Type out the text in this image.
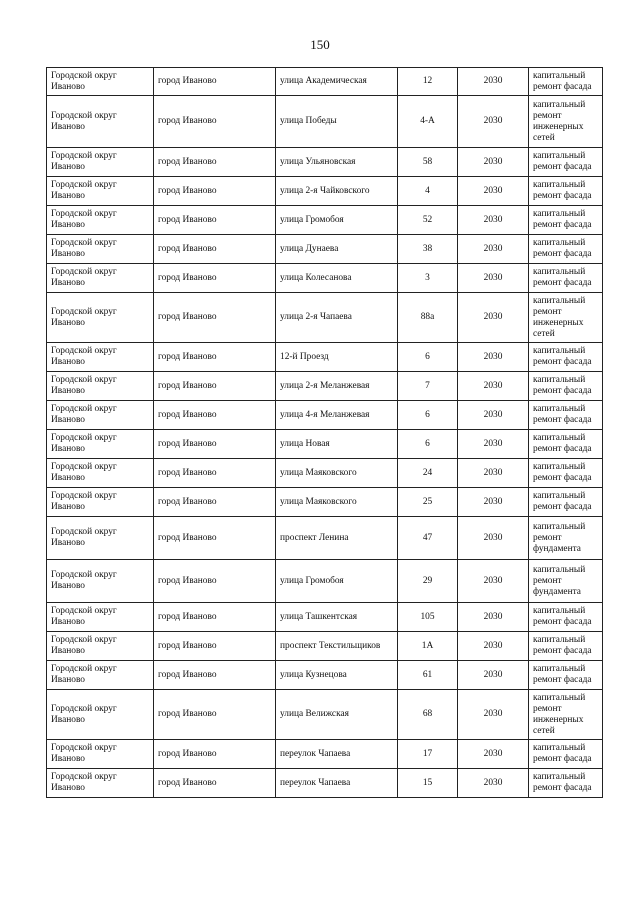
150
Городской округ Иваново	город Иваново	улица Академическая	12	2030	капитальный ремонт фасада
Городской округ Иваново	город Иваново	улица Победы	4-А	2030	капитальный ремонт инженерных сетей
Городской округ Иваново	город Иваново	улица Ульяновская	58	2030	капитальный ремонт фасада
Городской округ Иваново	город Иваново	улица 2-я Чайковского	4	2030	капитальный ремонт фасада
Городской округ Иваново	город Иваново	улица Громобоя	52	2030	капитальный ремонт фасада
Городской округ Иваново	город Иваново	улица Дунаева	38	2030	капитальный ремонт фасада
Городской округ Иваново	город Иваново	улица Колесанова	3	2030	капитальный ремонт фасада
Городской округ Иваново	город Иваново	улица 2-я Чапаева	88а	2030	капитальный ремонт инженерных сетей
Городской округ Иваново	город Иваново	12-й Проезд	6	2030	капитальный ремонт фасада
Городской округ Иваново	город Иваново	улица 2-я Меланжевая	7	2030	капитальный ремонт фасада
Городской округ Иваново	город Иваново	улица 4-я Меланжевая	6	2030	капитальный ремонт фасада
Городской округ Иваново	город Иваново	улица Новая	6	2030	капитальный ремонт фасада
Городской округ Иваново	город Иваново	улица Маяковского	24	2030	капитальный ремонт фасада
Городской округ Иваново	город Иваново	улица Маяковского	25	2030	капитальный ремонт фасада
Городской округ Иваново	город Иваново	проспект Ленина	47	2030	капитальный ремонт фундамента
Городской округ Иваново	город Иваново	улица Громобоя	29	2030	капитальный ремонт фундамента
Городской округ Иваново	город Иваново	улица Ташкентская	105	2030	капитальный ремонт фасада
Городской округ Иваново	город Иваново	проспект Текстильщиков	1А	2030	капитальный ремонт фасада
Городской округ Иваново	город Иваново	улица Кузнецова	61	2030	капитальный ремонт фасада
Городской округ Иваново	город Иваново	улица Велижская	68	2030	капитальный ремонт инженерных сетей
Городской округ Иваново	город Иваново	переулок Чапаева	17	2030	капитальный ремонт фасада
Городской округ Иваново	город Иваново	переулок Чапаева	15	2030	капитальный ремонт фасада
